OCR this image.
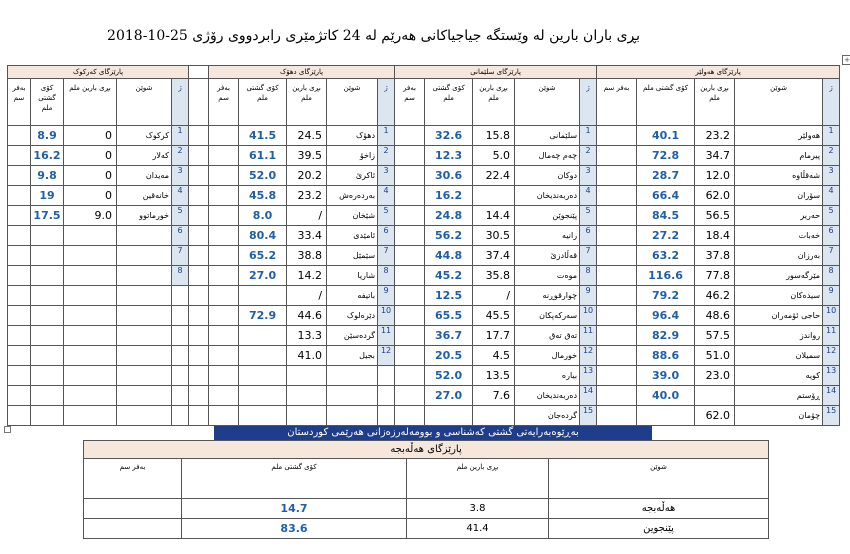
بڕی باران بارین لە وێستگە جیاجیاکانی هەرێم لە 24 کاتژمێری رابردووی رۆژی 25-10-2018
+
پارێزگای کەرکوک						پارێزگای دهۆک					پارێزگای سلێمانی					پارێزگای هەولێر				
بەفر سم	کۆی گشتی ملم	بڕی بارین ملم	شوێن	ژ		بەفر سم	کۆی گشتی ملم	بڕی بارین ملم	شوێن	ژ	بەفر سم	کۆی گشتی ملم	بڕی بارین ملم	شوێن	ژ	بەفر سم	کۆی گشتی ملم	بڕی بارین ملم	شوێن	ژ
	8.9	0	کرکوک	1			41.5	24.5	دهۆک	1		32.6	15.8	سلێمانی	1		40.1	23.2	هەولێر	1
	16.2	0	کەلار	2			61.1	39.5	زاخۆ	2		12.3	5.0	چەم چەمال	2		72.8	34.7	پیرمام	2
	9.8	0	مەیدان	3			52.0	20.2	ئاکرێ	3		30.6	22.4	دوکان	3		28.7	12.0	شەقڵاوە	3
	19	0	خانەقین	4			45.8	23.2	بەردەرەش	4		16.2		دەربەندیخان	4		66.4	62.0	سۆران	4
	17.5	9.0	خورماتوو	5			8.0	/	شێخان	5		24.8	14.4	پێنجوێن	5		84.5	56.5	حەریر	5
				6			80.4	33.4	ئامێدی	6		56.2	30.5	رانیە	6		27.2	18.4	خەبات	6
				7			65.2	38.8	سێمێل	7		44.8	37.4	قەڵادزێ	7		63.2	37.8	بەرزان	7
				8			27.0	14.2	شاریا	8		45.2	35.8	موەت	8		116.6	77.8	مێرگەسور	8
								/	باتیفە	9		12.5	/	چوارقوڕنە	9		79.2	46.2	سیدەکان	9
							72.9	44.6	دێرەلوک	10		65.5	45.5	سەرکەپکان	10		96.4	48.6	حاجی ئۆمەران	10
								13.3	گردەسێن	11		36.7	17.7	تەق تەق	11		82.9	57.5	رواندز	11
								41.0	بجیل	12		20.5	4.5	خورمال	12		88.6	51.0	سمیلان	12
												52.0	13.5	بیارە	13		39.0	23.0	کویە	13
												27.0	7.6	دەربەندیخان	14		40.0		ڕۆستم	14
														گردەجان	15			62.0	چۆمان	15
بەڕێوەبەرایەتی گشتی کەشناسی و بوومەلەرزەزانی هەرێمی کوردستان
پارێزگای هەڵەبجە			
بەفر سم	کۆی گشتی ملم	بڕی بارین ملم	شوێن
	14.7	3.8	هەڵەبجە
	83.6	41.4	پێنجوین
